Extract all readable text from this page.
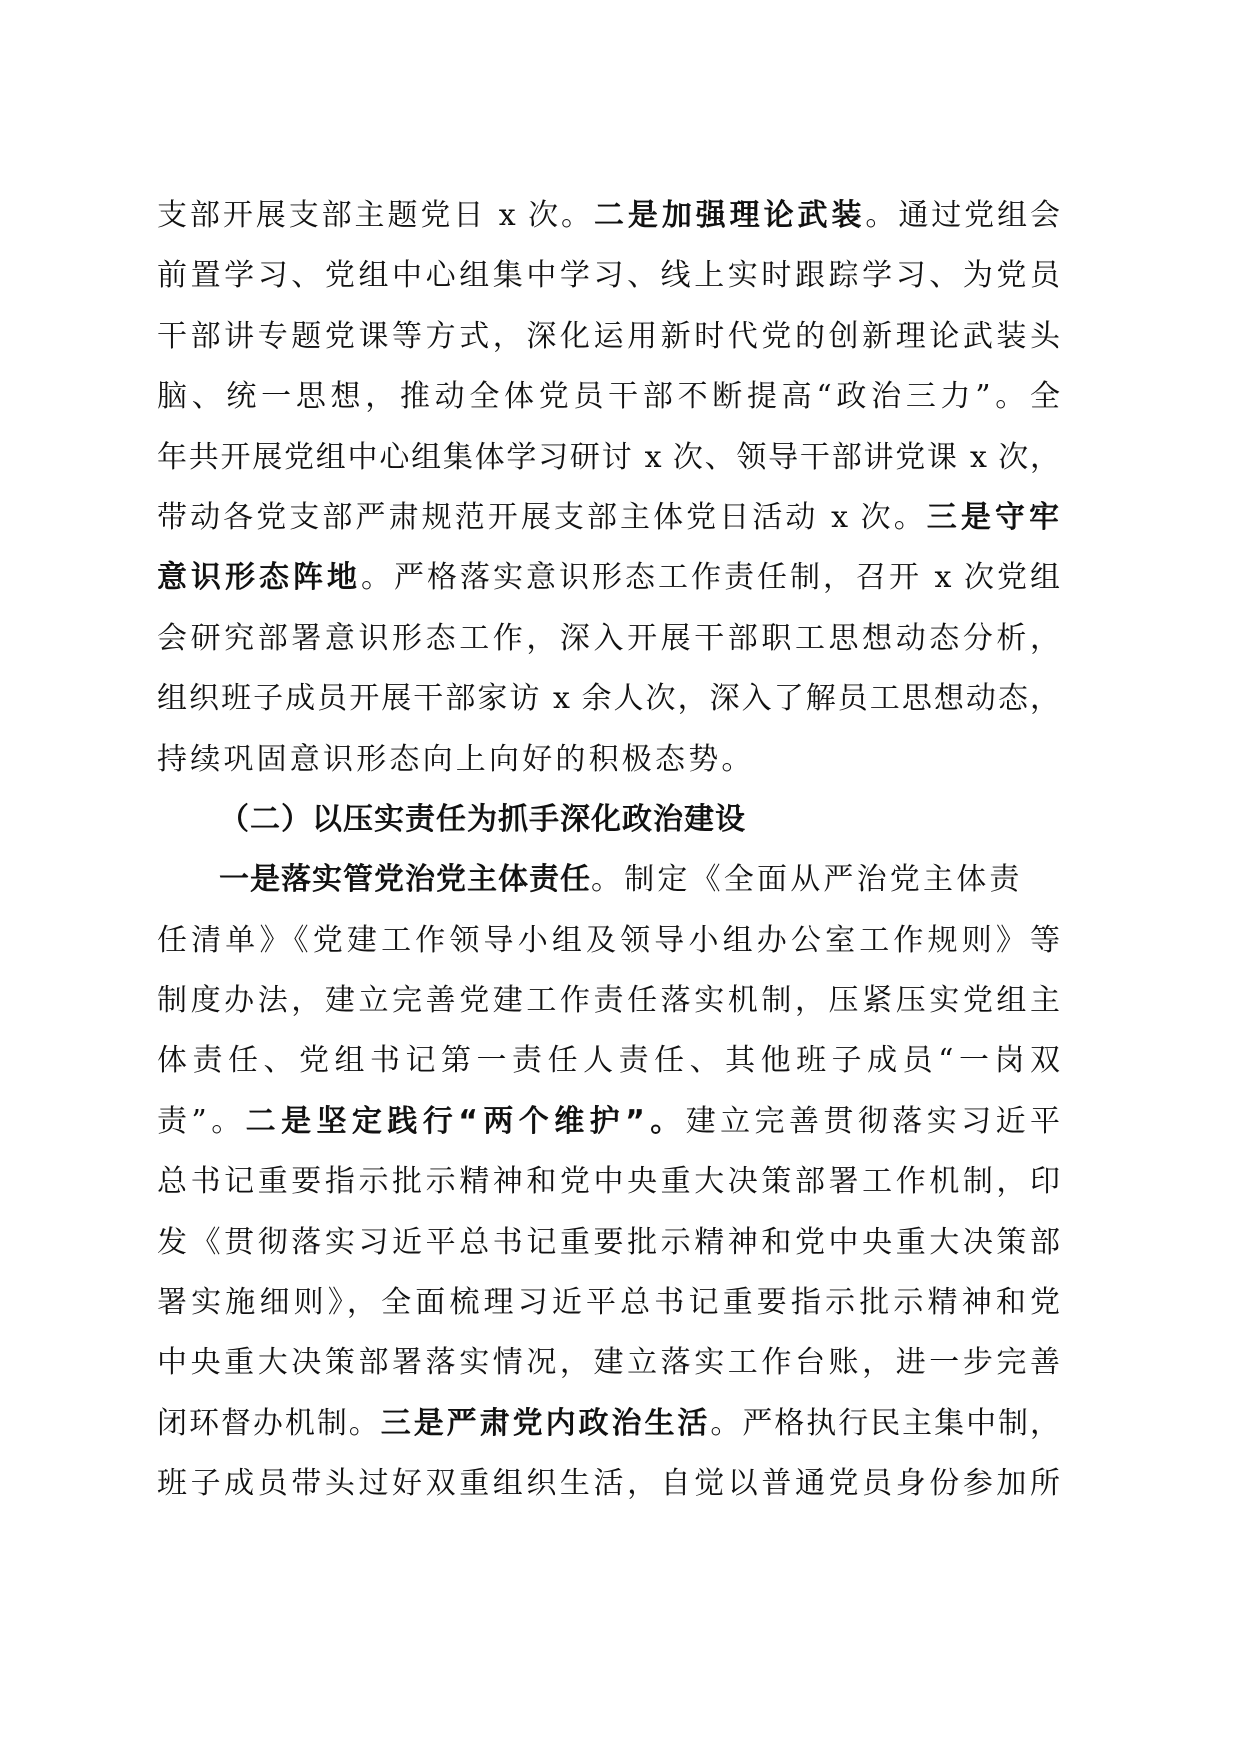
支部开展支部主题党日 x 次。二是加强理论武装。通过党组会
前置学习、党组中心组集中学习、线上实时跟踪学习、为党员
干部讲专题党课等方式，深化运用新时代党的创新理论武装头
脑、统一思想，推动全体党员干部不断提高“政治三力”。全
年共开展党组中心组集体学习研讨 x 次、领导干部讲党课 x 次，
带动各党支部严肃规范开展支部主体党日活动 x 次。三是守牢
意识形态阵地。严格落实意识形态工作责任制，召开 x 次党组
会研究部署意识形态工作，深入开展干部职工思想动态分析，
组织班子成员开展干部家访 x 余人次，深入了解员工思想动态，
持续巩固意识形态向上向好的积极态势。
（二）以压实责任为抓手深化政治建设
一是落实管党治党主体责任。制定《全面从严治党主体责
任清单》《党建工作领导小组及领导小组办公室工作规则》等
制度办法，建立完善党建工作责任落实机制，压紧压实党组主
体责任、党组书记第一责任人责任、其他班子成员“一岗双
责”。二是坚定践行“两个维护”。建立完善贯彻落实习近平
总书记重要指示批示精神和党中央重大决策部署工作机制，印
发《贯彻落实习近平总书记重要批示精神和党中央重大决策部
署实施细则》，全面梳理习近平总书记重要指示批示精神和党
中央重大决策部署落实情况，建立落实工作台账，进一步完善
闭环督办机制。三是严肃党内政治生活。严格执行民主集中制，
班子成员带头过好双重组织生活，自觉以普通党员身份参加所
